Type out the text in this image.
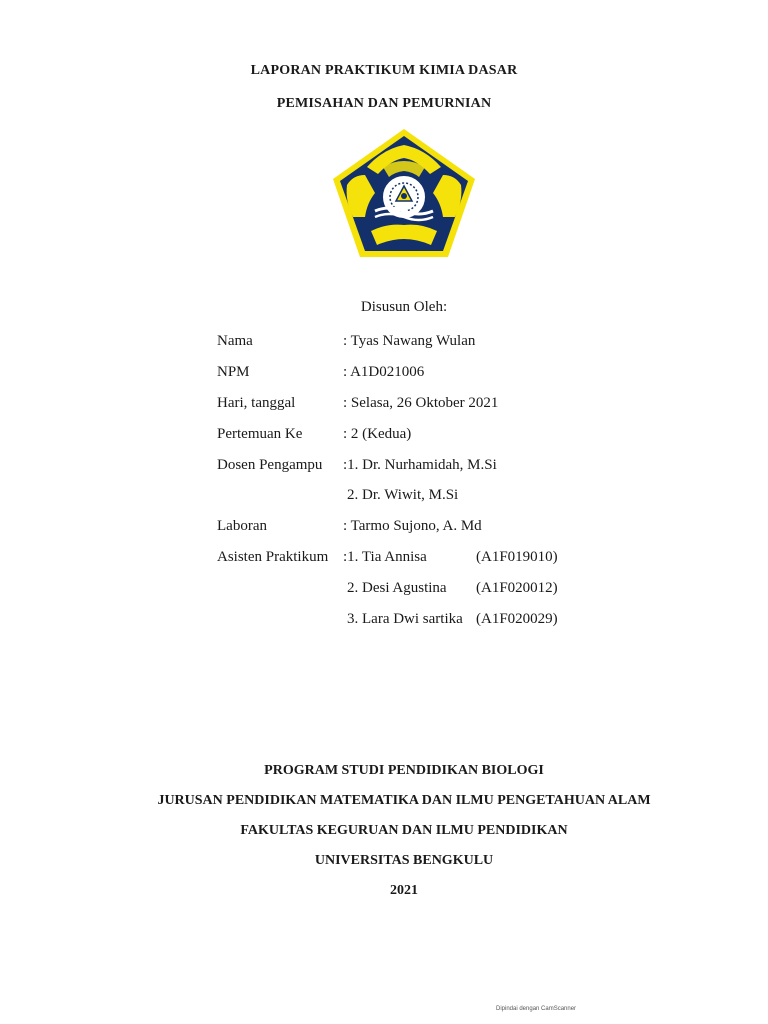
LAPORAN PRAKTIKUM KIMIA DASAR
PEMISAHAN DAN PEMURNIAN
Disusun Oleh:
Nama	: Tyas Nawang Wulan
NPM	: A1D021006
Hari, tanggal	: Selasa, 26 Oktober 2021
Pertemuan Ke	: 2 (Kedua)
Dosen Pengampu :1. Dr. Nurhamidah, M.Si
2. Dr. Wiwit, M.Si
Laboran	: Tarmo Sujono, A. Md
Asisten Praktikum :1. Tia Annisa	(A1F019010)
2. Desi Agustina (A1F020012)
3. Lara Dwi sartika (A1F020029)
PROGRAM STUDI PENDIDIKAN BIOLOGI
JURUSAN PENDIDIKAN MATEMATIKA DAN ILMU PENGETAHUAN ALAM
FAKULTAS KEGURUAN DAN ILMU PENDIDIKAN
UNIVERSITAS BENGKULU
2021
Dipindai dengan CamScanner
